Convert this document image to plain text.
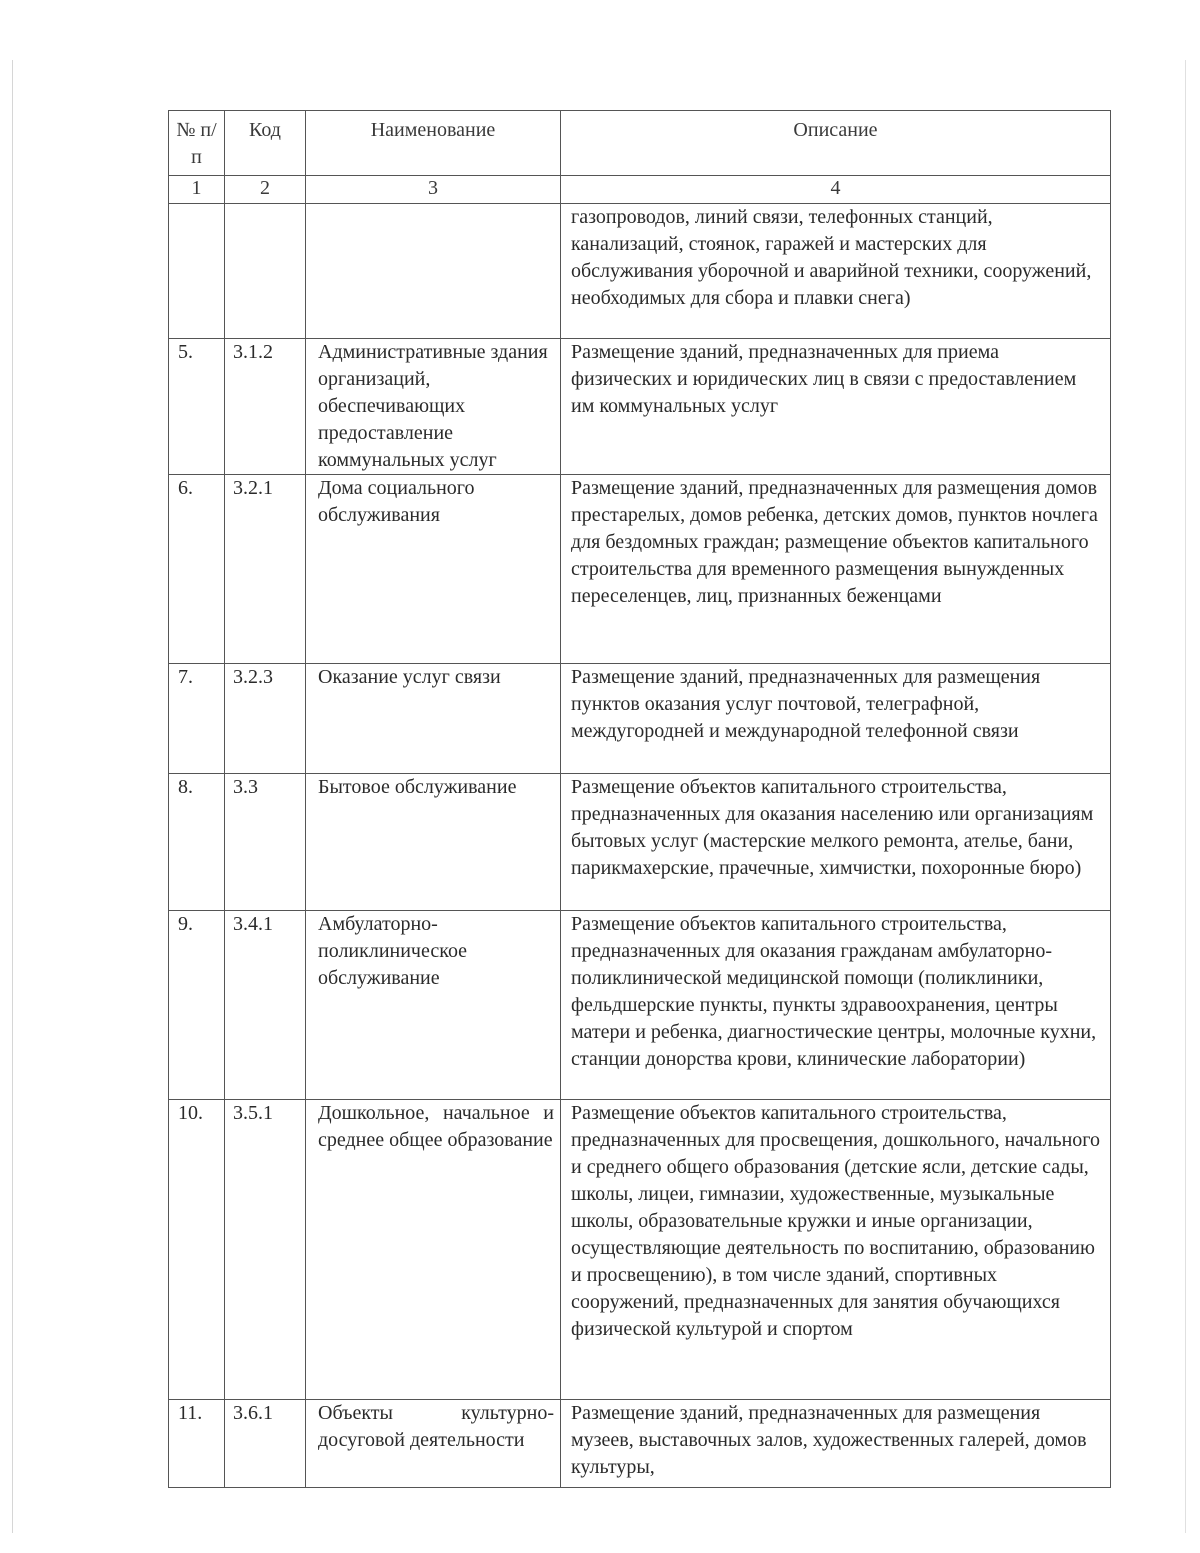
№ п/п	Код	Наименование	Описание
1	2	3	4
			газопроводов, линий связи, телефонных станций, канализаций, стоянок, гаражей и мастерских для обслуживания уборочной и аварийной техники, сооружений, необходимых для сбора и плавки снега)
5.	3.1.2	Административные здания организаций, обеспечивающих предоставление коммунальных услуг	Размещение зданий, предназначенных для приема физических и юридических лиц в связи с предоставлением им коммунальных услуг
6.	3.2.1	Дома социального обслуживания	Размещение зданий, предназначенных для размещения домов престарелых, домов ребенка, детских домов, пунктов ночлега для бездомных граждан; размещение объектов капитального строительства для временного размещения вынужденных переселенцев, лиц, признанных беженцами
7.	3.2.3	Оказание услуг связи	Размещение зданий, предназначенных для размещения пунктов оказания услуг почтовой, телеграфной, междугородней и международной телефонной связи
8.	3.3	Бытовое обслуживание	Размещение объектов капитального строительства, предназначенных для оказания населению или организациям бытовых услуг (мастерские мелкого ремонта, ателье, бани, парикмахерские, прачечные, химчистки, похоронные бюро)
9.	3.4.1	Амбулаторно-поликлиническое обслуживание	Размещение объектов капитального строительства, предназначенных для оказания гражданам амбулаторно-поликлинической медицинской помощи (поликлиники, фельдшерские пункты, пункты здравоохранения, центры матери и ребенка, диагностические центры, молочные кухни, станции донорства крови, клинические лаборатории)
10.	3.5.1	Дошкольное, начальное и среднее общее образование	Размещение объектов капитального строительства, предназначенных для просвещения, дошкольного, начального и среднего общего образования (детские ясли, детские сады, школы, лицеи, гимназии, художественные, музыкальные школы, образовательные кружки и иные организации, осуществляющие деятельность по воспитанию, образованию и просвещению), в том числе зданий, спортивных сооружений, предназначенных для занятия обучающихся физической культурой и спортом
11.	3.6.1	Объекты культурно-досуговой деятельности	Размещение зданий, предназначенных для размещения музеев, выставочных залов, художественных галерей, домов культуры,
